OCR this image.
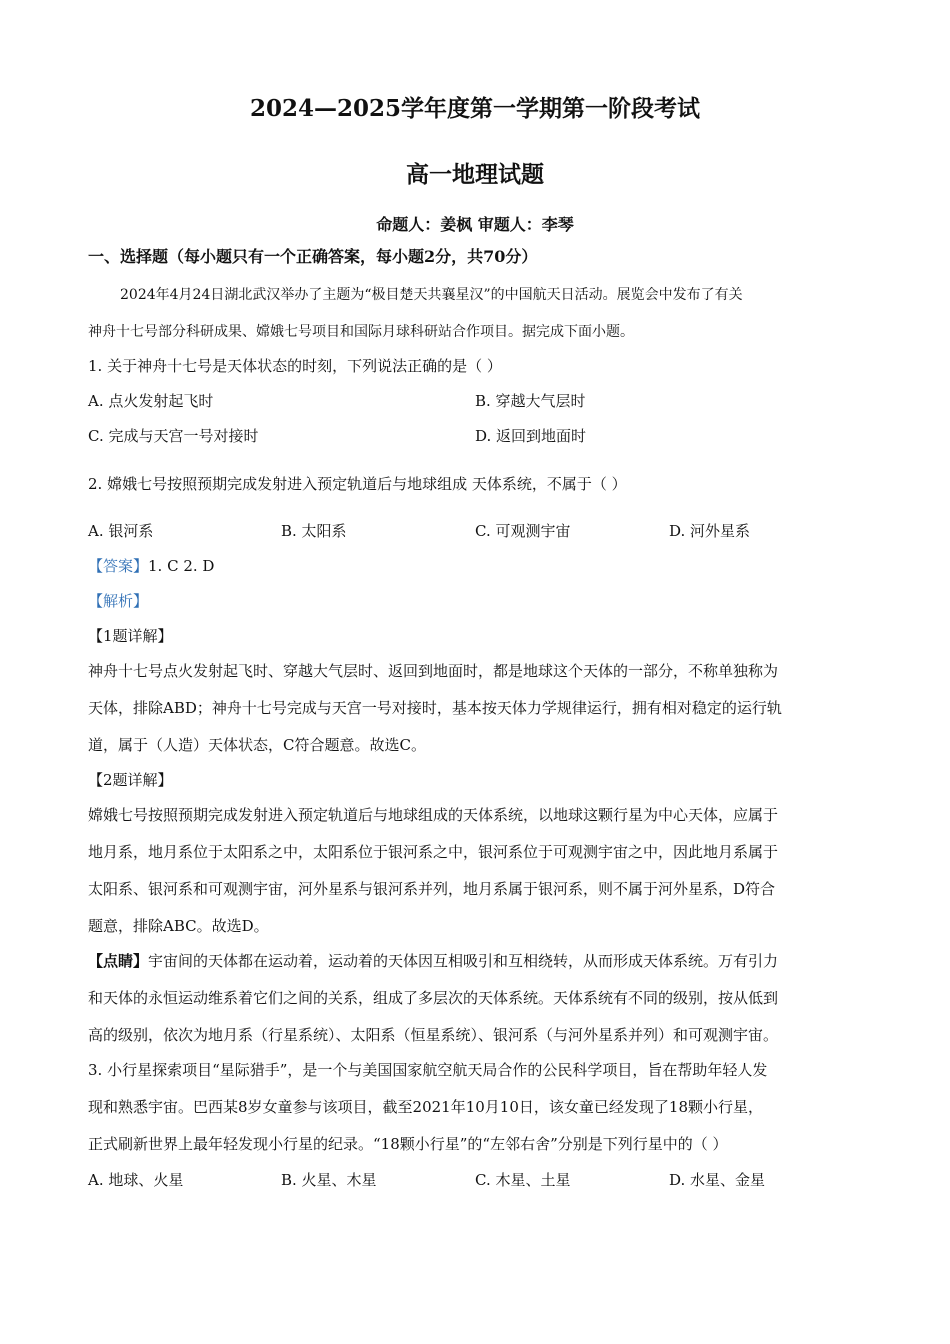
2024—2025学年度第一学期第一阶段考试
高一地理试题
命题人：姜枫 审题人：李琴
一、选择题（每小题只有一个正确答案，每小题2分，共70分）
2024年4月24日湖北武汉举办了主题为“极目楚天共襄星汉”的中国航天日活动。展览会中发布了有关
神舟十七号部分科研成果、嫦娥七号项目和国际月球科研站合作项目。据完成下面小题。
1. 关于神舟十七号是天体状态的时刻，下列说法正确的是（ ）
A. 点火发射起飞时	B. 穿越大气层时
C. 完成与天宫一号对接时	D. 返回到地面时
2. 嫦娥七号按照预期完成发射进入预定轨道后与地球组成 天体系统，不属于（ ）
A. 银河系	B. 太阳系	C. 可观测宇宙	D. 河外星系
【答案】1. C 2. D
【解析】
【1题详解】
神舟十七号点火发射起飞时、穿越大气层时、返回到地面时，都是地球这个天体的一部分，不称单独称为
天体，排除ABD；神舟十七号完成与天宫一号对接时，基本按天体力学规律运行，拥有相对稳定的运行轨
道，属于（人造）天体状态，C符合题意。故选C。
【2题详解】
嫦娥七号按照预期完成发射进入预定轨道后与地球组成的天体系统，以地球这颗行星为中心天体，应属于
地月系，地月系位于太阳系之中，太阳系位于银河系之中，银河系位于可观测宇宙之中，因此地月系属于
太阳系、银河系和可观测宇宙，河外星系与银河系并列，地月系属于银河系，则不属于河外星系，D符合
题意，排除ABC。故选D。
【点睛】宇宙间的天体都在运动着，运动着的天体因互相吸引和互相绕转，从而形成天体系统。万有引力
和天体的永恒运动维系着它们之间的关系，组成了多层次的天体系统。天体系统有不同的级别，按从低到
高的级别，依次为地月系（行星系统）、太阳系（恒星系统）、银河系（与河外星系并列）和可观测宇宙。
3. 小行星探索项目“星际猎手”，是一个与美国国家航空航天局合作的公民科学项目，旨在帮助年轻人发
现和熟悉宇宙。巴西某8岁女童参与该项目，截至2021年10月10日，该女童已经发现了18颗小行星，
正式刷新世界上最年轻发现小行星的纪录。“18颗小行星”的“左邻右舍”分别是下列行星中的（ ）
A. 地球、火星	B. 火星、木星	C. 木星、土星	D. 水星、金星
